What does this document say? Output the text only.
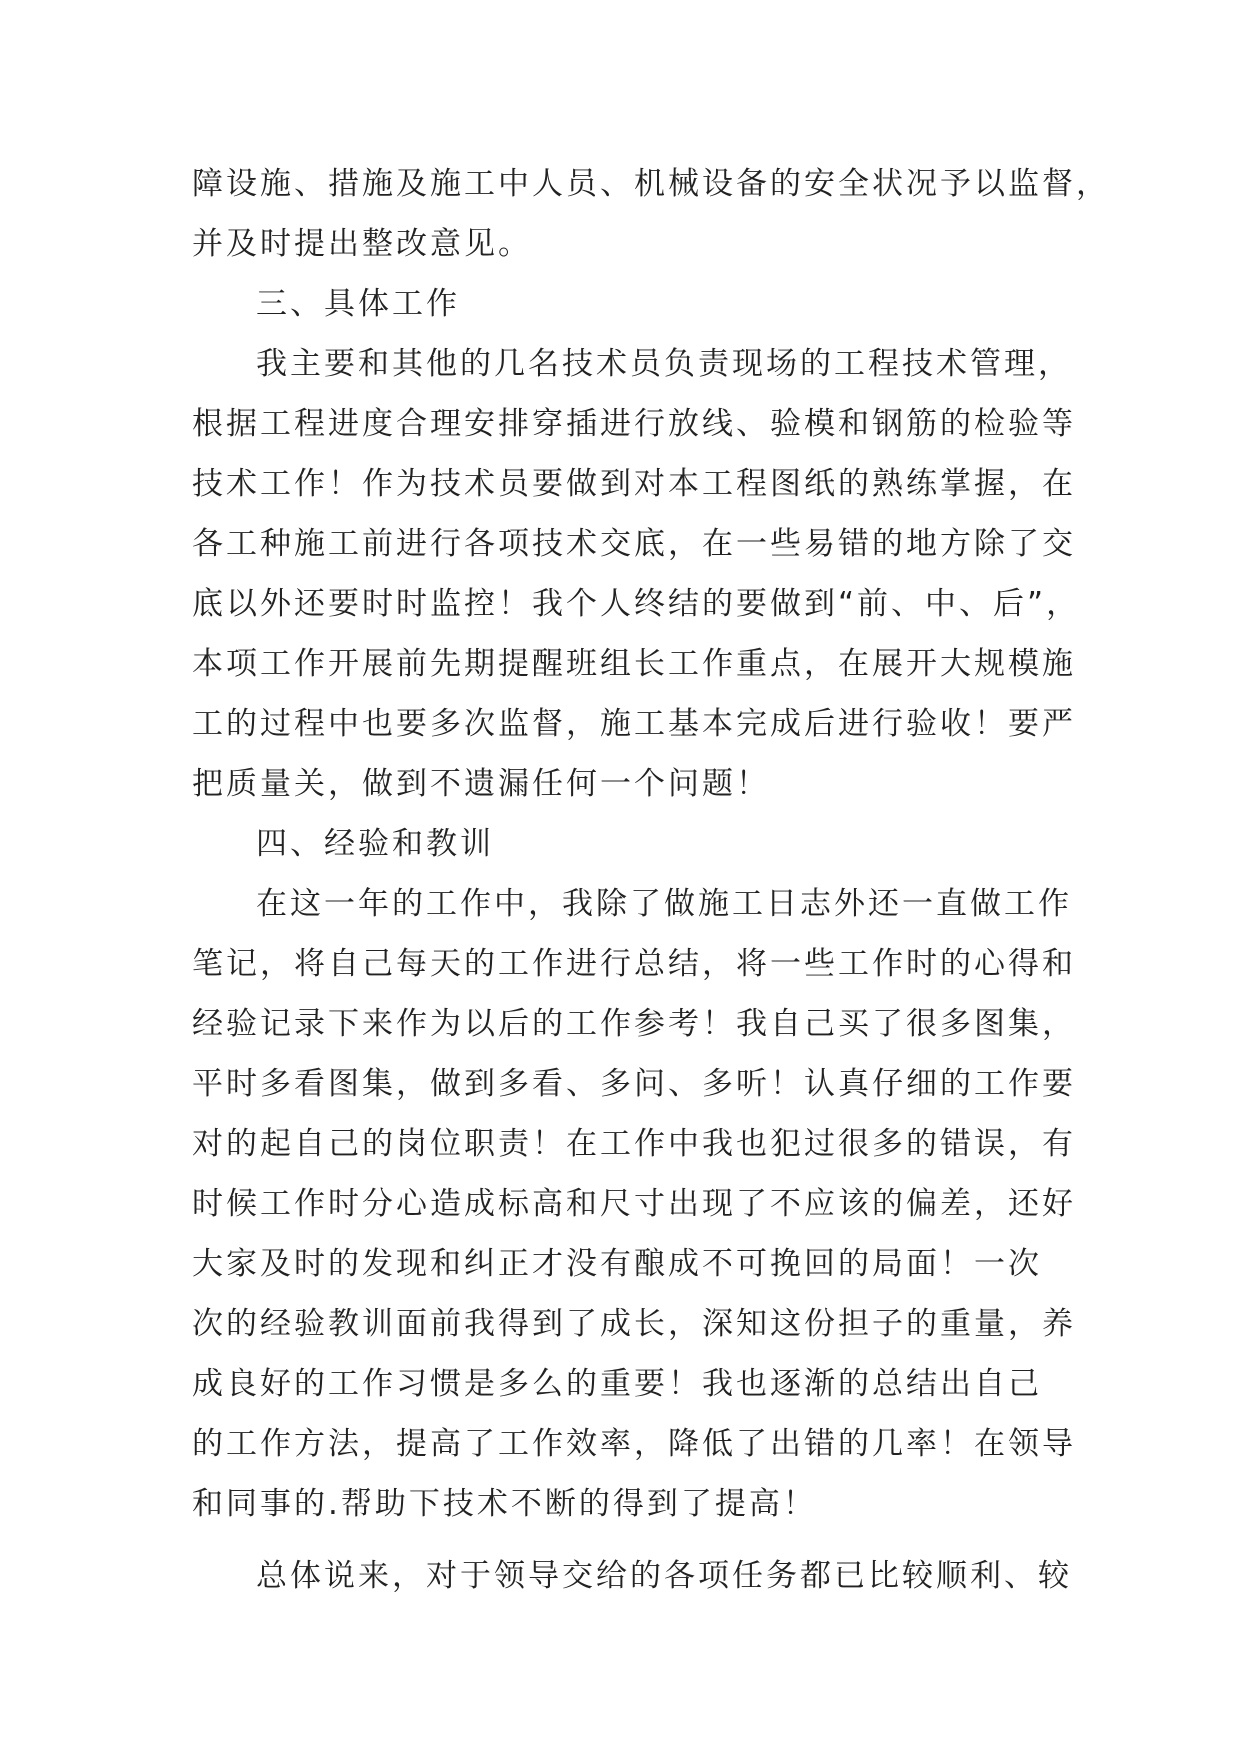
障设施、措施及施工中人员、机械设备的安全状况予以监督，
并及时提出整改意见。
三、具体工作
我主要和其他的几名技术员负责现场的工程技术管理，
根据工程进度合理安排穿插进行放线、验模和钢筋的检验等
技术工作！作为技术员要做到对本工程图纸的熟练掌握，在
各工种施工前进行各项技术交底，在一些易错的地方除了交
底以外还要时时监控！我个人终结的要做到“前、中、后”，
本项工作开展前先期提醒班组长工作重点，在展开大规模施
工的过程中也要多次监督，施工基本完成后进行验收！要严
把质量关，做到不遗漏任何一个问题！
四、经验和教训
在这一年的工作中，我除了做施工日志外还一直做工作
笔记，将自己每天的工作进行总结，将一些工作时的心得和
经验记录下来作为以后的工作参考！我自己买了很多图集，
平时多看图集，做到多看、多问、多听！认真仔细的工作要
对的起自己的岗位职责！在工作中我也犯过很多的错误，有
时候工作时分心造成标高和尺寸出现了不应该的偏差，还好
大家及时的发现和纠正才没有酿成不可挽回的局面！一次
次的经验教训面前我得到了成长，深知这份担子的重量，养
成良好的工作习惯是多么的重要！我也逐渐的总结出自己
的工作方法，提高了工作效率，降低了出错的几率！在领导
和同事的.帮助下技术不断的得到了提高！
总体说来，对于领导交给的各项任务都已比较顺利、较
